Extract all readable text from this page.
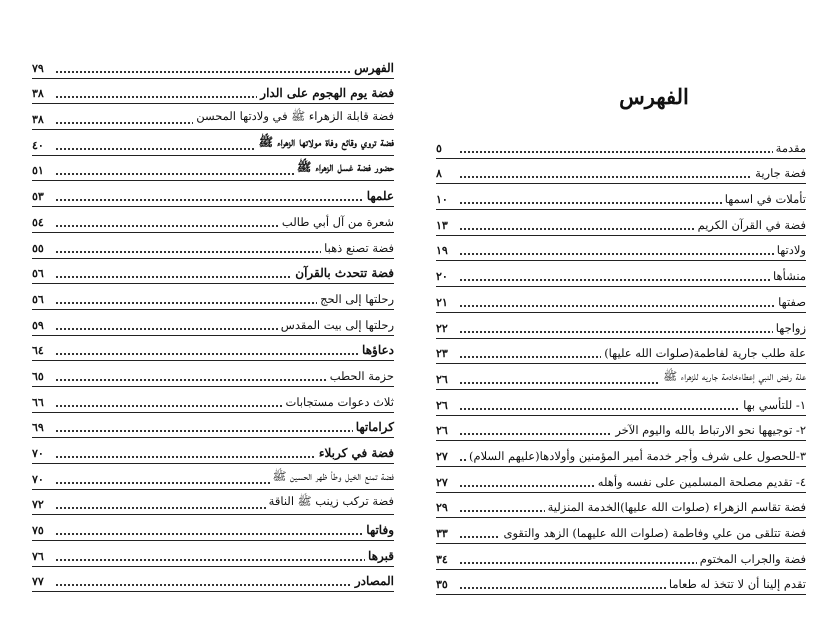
الفهرس
٧٩
فضة يوم الهجوم على الدار
٣٨
فضة قابلة الزهراء ﷺ في ولادتها المحسن
٣٨
فضة تروي وقائع وفاة مولاتها الزهراء ﷺ
٤٠
حضور فضة غسل الزهراء ﷺ
٥١
علمها
٥٣
شعرة من آل أبي طالب
٥٤
فضة تصنع ذهبا
٥٥
فضة تتحدث بالقرآن
٥٦
رحلتها إلى الحج
٥٦
رحلتها إلى بيت المقدس
٥٩
دعاؤها
٦٤
حزمة الحطب
٦٥
ثلاث دعوات مستجابات
٦٦
كراماتها
٦٩
فضة في كربلاء
٧٠
فضة تمنع الخيل وطأ ظهر الحسين ﷺ
٧٠
فضة تركب زينب ﷺ الناقة
٧٢
وفاتها
٧٥
قبرها
٧٦
المصادر
٧٧
الفهرس
مقدمة
٥
فضة جارية
٨
تأملات في اسمها
١٠
فضة في القرآن الكريم
١٣
ولادتها
١٩
منشأها
٢٠
صفتها
٢١
زواجها
٢٢
علة طلب جارية لفاطمة(صلوات الله عليها)
٢٣
علة رفض النبي إعطاءخادمة جاريه للزهراء ﷺ
٢٦
١- للتأسي بها
٢٦
٢- توجيهها نحو الارتباط بالله واليوم الآخر
٢٦
٣-للحصول على شرف وأجر خدمة أمير المؤمنين وأولادها(عليهم السلام)
٢٧
٤- تقديم مصلحة المسلمين على نفسه وأهله
٢٧
فضة تقاسم الزهراء (صلوات الله عليها)الخدمة المنزلية
٢٩
فضة تتلقى من علي وفاطمة (صلوات الله عليهما) الزهد والتقوى
٣٣
فضة والجراب المختوم
٣٤
تقدم إلينا أن لا تتخذ له طعاما
٣٥
